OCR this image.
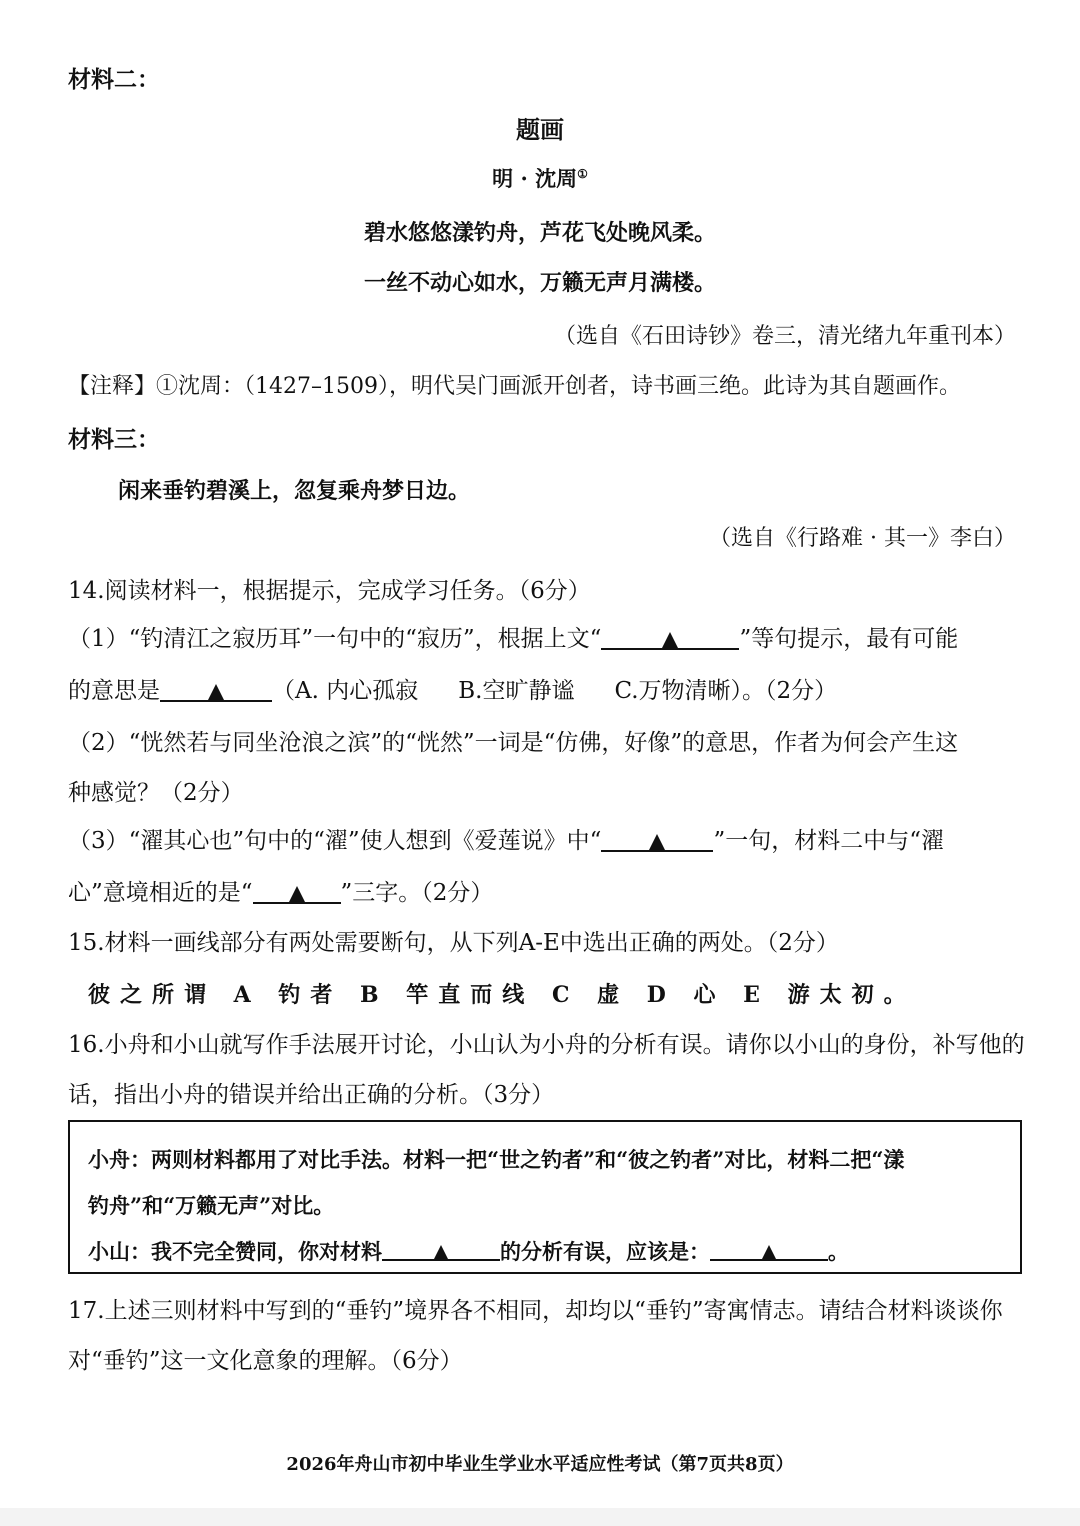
材料二：
题画
明 · 沈周①
碧水悠悠漾钓舟，芦花飞处晚风柔。
一丝不动心如水，万籁无声月满楼。
（选自《石田诗钞》卷三，清光绪九年重刊本）
【注释】①沈周：（1427–1509），明代吴门画派开创者，诗书画三绝。此诗为其自题画作。
材料三：
闲来垂钓碧溪上，忽复乘舟梦日边。
（选自《行路难 · 其一》李白）
14.阅读材料一，根据提示，完成学习任务。（6分）
（1）“钓清江之寂历耳”一句中的“寂历”，根据上文“	”等句提示，最有可能
的意思是	（A. 内心孤寂 B.空旷静谧 C.万物清晰）。（2分）
（2）“恍然若与同坐沧浪之滨”的“恍然”一词是“仿佛，好像”的意思，作者为何会产生这
种感觉？（2分）
（3）“濯其心也”句中的“濯”使人想到《爱莲说》中“	”一句，材料二中与“濯
心”意境相近的是“	”三字。（2分）
15.材料一画线部分有两处需要断句，从下列A-E中选出正确的两处。（2分）
彼之所谓 A 钓者 B 竿直而线 C 虚 D 心 E 游太初。
16.小舟和小山就写作手法展开讨论，小山认为小舟的分析有误。请你以小山的身份，补写他的
话，指出小舟的错误并给出正确的分析。（3分）
小舟：两则材料都用了对比手法。材料一把“世之钓者”和“彼之钓者”对比，材料二把“漾
钓舟”和“万籁无声”对比。
小山：我不完全赞同，你对材料	的分析有误，应该是：	。
17.上述三则材料中写到的“垂钓”境界各不相同，却均以“垂钓”寄寓情志。请结合材料谈谈你
对“垂钓”这一文化意象的理解。（6分）
2026年舟山市初中毕业生学业水平适应性考试（第7页共8页）
